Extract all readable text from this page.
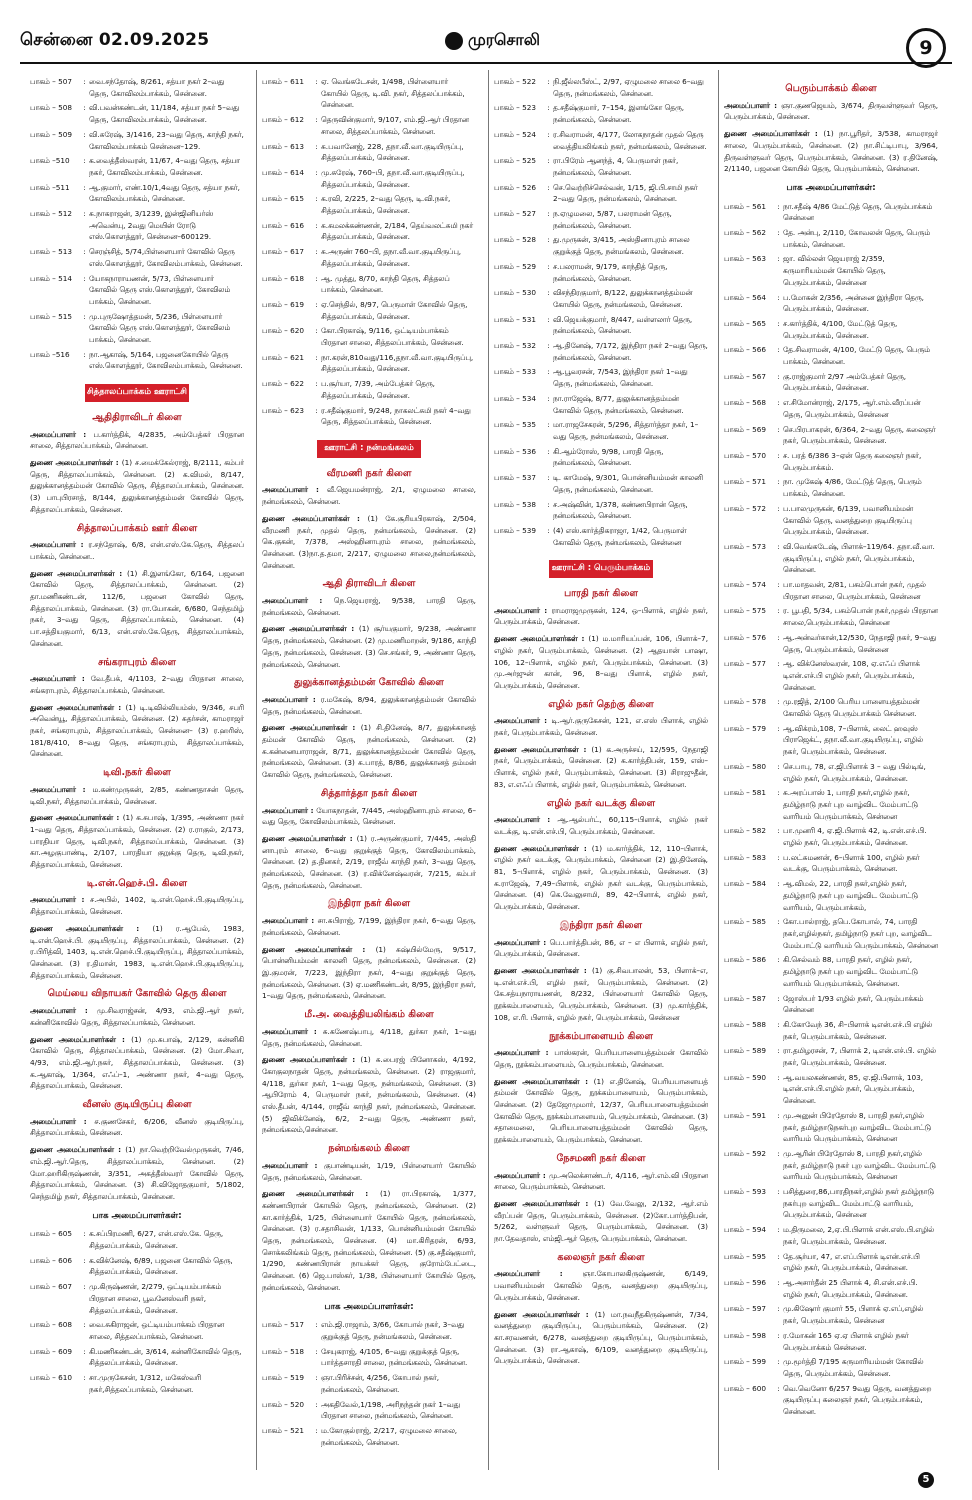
சென்னை 02.09.2025	முரசொலி	9
பாகம் – 507	: வை.சந்தோஷ், 8/261, சத்யா நகர் 2–வது தெரு, கோவிலம்பாக்கம், சென்னை.
பாகம் – 508	: வி.பவன்கண்டன், 11/184, சத்யா நகர் 5–வது தெரு, கோவிலம்பாக்கம், சென்னை.
பாகம் – 509	: வி.சுரேஷ், 3/1416, 23–வது தெரு, காந்தி நகர், கோவிலம்பாக்கம் சென்னை–129.
பாகம் –510	: க.வைத்தீஸ்வரன், 11/67, 4–வது தெரு, சத்யா நகர், கோவிலம்பாக்கம், சென்னை.
பாகம் –511	: ஆ.குமார், எண்.10/1,4வது தெரு, சத்யா நகர், கோவிலம்பாக்கம், சென்னை.
பாகம் – 512	: சு.நாகராஜன், 3/1239, இன்ஜினியர்ஸ் அவென்யு, 2வது மெயின் ரோடு எஸ்.கொளத்தூர், சென்னை–600129.
பாகம் – 513	: செரஞ்சித், 5/74,பிள்ளையார் கோவில் தெரு எஸ்.கொளத்தூர், கோவிலம்பாக்கம், சென்னை.
பாகம் – 514	: யோகநாராயணன், 5/73, பிள்ளையார் கோவில் தெரு எஸ்.கொளத்தூர், கோவிலம் பாக்கம், சென்னை.
பாகம் – 515	: மு.புருஷோத்தமன், 5/236, பிள்ளையார் கோவில் தெரு எஸ்.கொளத்தூர், கோவிலம் பாக்கம், சென்னை.
பாகம் –516	: நா.ஆகாஷ், 5/164, பஜனைகோயில் தெரு எஸ்.கொளத்தூர், கோவிலம்பாக்கம், சென்னை.
சித்தாலப்பாக்கம் ஊராட்சி
ஆதிதிராவிடர் கிளை
அமைப்பாளர் : ப.கார்த்திக், 4/2835, அம்பேத்கர் பிரதான சாலை, சித்தாலப்பாக்கம், சென்னை.
துணை அமைப்பாளர்கள் : (1) ச.மைக்கேல்ராஜ், 8/2111, கம்பர் தெரு, சித்தாலப்பாக்கம், சென்னை. (2) க.விமல், 8/147, துலுக்கானத்தம்மன் கோவில் தெரு, சித்தாலப்பாக்கம், சென்னை. (3) பாபுபிரசாத், 8/144, துலுக்கானத்தம்மன் கோவில் தெரு, சித்தாலப்பாக்கம், சென்னை.
சித்தாலப்பாக்கம் ஊர் கிளை
அமைப்பாளர் : ர.சந்தோஷ், 6/8, என்.எஸ்.கே.தெரு, சித்தலப் பாக்கம், சென்னை..
துணை அமைப்பாளர்கள் : (1) சி.இளங்கோ, 6/164, பஜனை கோவில் தெரு, சித்தாலப்பாக்கம், சென்னை. (2) தா.மணிகண்டன், 112/6, பஜனை கோவில் தெரு, சித்தாலப்பாக்கம், சென்னை. (3) ரா.யோகன், 6/680, செந்தமிழ் நகர், 3–வது தெரு, சித்தாலப்பாக்கம், சென்னை. (4) பா.சத்தியகுமார், 6/13, என்.எஸ்.கே.தெரு, சித்தாலப்பாக்கம், சென்னை.
சங்கராபுரம் கிளை
அமைப்பாளர் : வே.தீபக், 4/1103, 2–வது பிரதான சாலை, சங்கராபுரம், சித்தாலப்பாக்கம், சென்னை.
துணை அமைப்பாளர்கள் : (1) டி.டிவில்லியம்ஸ், 9/346, சபரி அவென்யூ, சித்தாலப்பாக்கம், சென்னை. (2) சுதர்சன், காமராஜர் நகர், சங்கராபுரம், சித்தாலப்பாக்கம், சென்னை– (3) ர.ஹரிஸ், 181/8/410, 8–வது தெரு, சங்கராபுரம், சித்தாலப்பாக்கம், சென்னை.
டிவி.நகர் கிளை
அமைப்பாளர் : ம.கண்முருகன், 2/85, கண்ணதாசன் தெரு, டிவி.நகர், சித்தாலப்பாக்கம், சென்னை.
துணை அமைப்பாளர்கள் : (1) க.சுபாஷ், 1/395, அண்ணா நகர் 1–வது தெரு, சித்தாலப்பாக்கம், சென்னை. (2) ர.ராகுல், 2/173, பாரதியா தெரு, டிவி.நகர், சித்தாலப்பாக்கம், சென்னை. (3) கா.அழகுபாண்டி, 2/107, பாரதியா குறுக்கு தெரு, டிவி.நகர், சித்தாலப்பாக்கம், சென்னை.
டி.என்.ஹெச்.பி. கிளை
அமைப்பாளர் : ச.அபில், 1402, டி.என்.ஹெச்.பி.குடியிருப்பு, சித்தாலப்பாக்கம், சென்னை.
துணை அமைப்பாளர்கள் :	(1) ர.ஆபேல், 1983, டி.என்.ஹெச்.பி. குடியிருப்பு, சித்தாலப்பாக்கம், சென்னை. (2) ர.பிரித்வி, 1403, டி.என்.ஹெச்.பி.குடியிருப்பு, சித்தாலப்பாக்கம், சென்னை. (3) ர.திமான், 1983, டி.என்.ஹெச்.பி.குடியிருப்பு, சித்தாலப்பாக்கம், சென்னை.
மெய்யை விநாயகர் கோவில் தெரு கிளை
அமைப்பாளர் :	மு.சிவராஜ்சன், 4/93, எம்.ஜி.ஆர் நகர், கன்னிகோவில் தெரு, சித்தாலப்பாக்கம், சென்னை.
துணை அமைப்பாளர்கள் : (1) மு.சுபாஷ், 2/129, கன்னிகி கோவில் தெரு, சித்தாலப்பாக்கம், சென்னை. (2) மோ.சிவா, 4/93, எம்.ஜி.ஆர்.நகர், சித்தாலப்பாக்கம், சென்னை. (3) க.ஆகாஷ், 1/364, எஃப்–1, அண்ணா நகர், 4–வது தெரு, சித்தாலப்பாக்கம், சென்னை.
வீனஸ் குடியிருப்பு கிளை
அமைப்பாளர் :	ச.குணசேகர், 6/206, வீனஸ் குடியிருப்பு, சித்தாலப்பாக்கம், சென்னை.
துணை அமைப்பாளர்கள் : (1) நா.வெற்றிவேல்முருகன், 7/46, எம்.ஜி.ஆர்.தெரு, சித்தாலப்பாக்கம், சென்னை. (2) மோ.ஹரிகிருஷ்ணன், 3/351, அகத்தீஸ்வரர் கோவில் தெரு, சித்தாலப்பாக்கம், சென்னை. (3) சி.விஜோதகுமார், 5/1802, செந்தமிழ் நகர், சித்தாலப்பாக்கம், சென்னை.
பாக அமைப்பாளர்கள்:
பாகம் – 605	: க.சப்பிரமணி, 6/27, என்.எஸ்.கே. தெரு, சித்தலப்பாக்கம், சென்னை.
பாகம் – 606	: க.விக்னேஷ், 6/89, பஜனை கோவில் தெரு, சித்தலப்பாக்கம், சென்னை.
பாகம் – 607	: மு.கிருஷ்ணன், 2/279, ஒட்டியம்பாக்கம் பிரதான சாலை, பூவனேஸ்வரி நகர், சித்தலப்பாக்கம், சென்னை.
பாகம் – 608	: வை.சுகிராஜன், ஒட்டியம்பாக்கம் பிரதான சாலை, சித்தலப்பாக்கம், சென்னை.
பாகம் – 609	: கி.மணிகண்டன், 3/614, கன்னிகோவில் தெரு, சித்தலப்பாக்கம், சென்னை.
பாகம் – 610	: சா.முருகேசன், 1/312, மகேஸ்வரி நகர்,சித்தலப்பாக்கம், சென்னை.
பாகம் – 611	: ஏ. வெங்கடேசன், 1/498, பிள்ளையார் கோயில் தெரு, டி.வி. நகர், சித்தலப்பாக்கம், சென்னை.
பாகம் – 612	: தெருவின்குமார், 9/107, எம்.ஜி.ஆர் பிரதான சாலை, சித்தலப்பாக்கம், சென்னை.
பாகம் – 613	: சு.பவானேஜ், 228, தநா.வீ.வா.குடியிருப்பு, சித்தலப்பாக்கம், சென்னை.
பாகம் – 614	: மு.சுரேஷ், 760–பி, தநா.வீ.வா.குடியிருப்பு, சித்தலப்பாக்கம், சென்னை.
பாகம் – 615	: க.ரவி, 2/225, 2–வது தெரு, டி.வி.நகர், சித்தலப்பாக்கம், சென்னை.
பாகம் – 616	: சு.சுமலக்கண்ணன், 2/184, தெய்வலட்சுமி நகர் சித்தலப்பாக்கம், சென்னை.
பாகம் – 617	: சு.அருண் 760–பி, தநா.வீ.வா.குடியிருப்பு, சித்தலப்பாக்கம், சென்னை.
பாகம் – 618	: ஆ. முத்து, 8/70, காந்தி தெரு, சித்தலப் பாக்கம், சென்னை.
பாகம் – 619	: ஏ.செந்தில், 8/97, பெருமாள் கோவில் தெரு, சித்தலப்பாக்கம், சென்னை.
பாகம் – 620	: கோ.பிரகாஷ், 9/116, ஒட்டியம்பாக்கம் பிரதான சாலை, சித்தலப்பாக்கம், சென்னை.
பாகம் – 621	: நா.கரன்,810வது/116,தநா.வீ.வா.குடியிருப்பு, சித்தலப்பாக்கம், சென்னை.
பாகம் – 622	: ப.சூர்யா, 7/39, அம்பேத்கர் தெரு, சித்தலப்பாக்கம், சென்னை.
பாகம் – 623	: ர.சதீஷ்குமார், 9/248, நாகலட்சுமி நகர் 4–வது தெரு, சித்தலப்பாக்கம், சென்னை.
ஊராட்சி : நன்மங்கலம்
வீரமணி நகர் கிளை
அமைப்பாளர் :	வீ.ஜெயமன்ராஜ், 2/1, ஏழுமலை சாலை, நன்மங்கலம், சென்னை.
துணை அமைப்பாளர்கள் : (1) கே.சூரியபிரகாஷ், 2/504, வீரமணி நகர், முதல் தெரு, நன்மங்கலம், சென்னை. (2) கெ.குகன், 7/378, அஸ்ஹினாபுரம் சாலை, நன்மங்கலம், சென்னை. (3)நா.த.தமா, 2/217, ஏழுமலை சாலை,நன்மங்கலம், சென்னை.
ஆதி திராவிடர் கிளை
அமைப்பாளர் :	நெ.ஜெயராஜ், 9/538, பாரதி தெரு, நன்மங்கலம், சென்னை.
துணை அமைப்பாளர்கள் : (1) சூர்யகுமார், 9/238, அண்ணா தெரு, நன்மங்கலம், சென்னை. (2) மு.மணிமாறன், 9/186, காந்தி தெரு, நன்மங்கலம், சென்னை. (3) செ.சங்கர், 9, அண்ணா தெரு, நன்மங்கலம், சென்னை.
துலுக்கானத்தம்மன் கோவில் கிளை
அமைப்பாளர் : ர.மகேஷ், 8/94, துலுக்கானத்தம்மன் கோவில் தெரு, நன்மங்கலம், சென்னை.
துணை அமைப்பாளர்கள் : (1) சி.தினேஷ், 8/7, துலுக்கானத் தம்மன் கோவில் தெரு, நன்மங்கலம், சென்னை. (2) சு.கன்னையாராஜன், 8/71, துலுக்கானத்தம்மன் கோவில் தெரு, நன்மங்கலம், சென்னை. (3) சு.பாரத், 8/86, துலுக்கானத் தம்மன் கோவில் தெரு, நன்மங்கலம், சென்னை.
சித்தார்த்தா நகர் கிளை
அமைப்பாளர் : யோகநாதன், 7/445, அஸ்ஹினாபுரம் சாலை, 6–வது தெரு, கோவிலம்பாக்கம், சென்னை.
துணை அமைப்பாளர்கள் : (1) ர.அருண்குமார், 7/445, அஸ்தி னாபுரம் சாலை, 6–வது குறுக்குத் தெரு, கோவிலம்பாக்கம், சென்னை. (2) த.தினகர், 2/19, ராஜீவ் காந்தி நகர், 3–வது தெரு, நன்மங்கலம், சென்னை. (3) ர.விக்னேஷ்வரன், 7/215, கம்பர் தெரு, நன்மங்கலம், சென்னை.
இந்திரா நகர் கிளை
அமைப்பாளர் : சா.சுபிராஜ், 7/199, இந்திரா நகர், 6–வது தெரு, நன்மங்கலம், சென்னை.
துணை அமைப்பாளர்கள் :	(1) சுஷ்யில்மேரு, 9/517, பொன்னியம்மன் காலனி தெரு, நன்மங்கலம், சென்னை. (2) இ.குமரன், 7/223, இந்திரா நகர், 4–வது குறுக்குத் தெரு, நன்மங்கலம், சென்னை. (3) ஏ.மணிகண்டன், 8/95, இந்திரா நகர், 1–வது தெரு, நன்மங்கலம், சென்னை.
மீ.அ. வைத்தியலிங்கம் கிளை
அமைப்பாளர் : சு.கணேஷ்பாபு, 4/118, துர்கா நகர், 1–வது தெரு, நன்மங்கலம், சென்னை.
துணை அமைப்பாளர்கள் : (1) சு.பைரஜ் பினோகஸ், 4/192, கோகுலநாதன் தெரு, நன்மங்கலம், சென்னை. (2) ராஜகுமார், 4/118, துர்கா நகர், 1–வது தெரு, நன்மங்கலம், சென்னை. (3) ஆபிரோம் 4, பெருமாள் நகர், நன்மங்கலம், சென்னை. (4) எஸ்.தீபன், 4/144, ராஜீவ் காந்தி நகர், நன்மங்கலம், சென்னை. (5) ஜிவிக்னேஷ், 6/2, 2–வது தெரு, அண்ணா நகர், நன்மங்கலம்,சென்னை.
நன்மங்கலம் கிளை
அமைப்பாளர் : குபாண்டியன், 1/19, பிள்ளையார் கோயில் தெரு, நன்மங்கலம், சென்னை.
துணை அமைப்பாளர்கள் :	(1) ரா.பிரகாஷ், 1/377, கண்ணபிரான் கோயில் தெரு, நன்மங்கலம், சென்னை. (2) கா.கார்த்திக், 1/25, பிள்ளையார் கோயில் தெரு, நன்மங்கலம், சென்னை. (3) ர.சதாசிவன், 1/133, பொன்னியம்மன் கோயில் தெரு, நன்மங்கலம், சென்னை. (4) மா.கிரிதரன், 6/93, சொக்கலிங்கம் தெரு, நன்மங்கலம், சென்னை. (5) கு.சதீஷ்குமார், 1/290, கண்ணபிரான் நாயக்கர் தெரு, குரோம்பேட்டை, சென்னை. (6) ஜெ.பாஸ்கர், 1/38, பிள்ளையார் கோயில் தெரு, நன்மங்கலம், சென்னை.
பாக அமைப்பாளர்கள்:
பாகம் – 517	: எம்.ஜி.ராஜாம், 3/66, கோபால் நகர், 3–வது குறுக்குத் தெரு, நன்மங்கலம், சென்னை.
பாகம் – 518	: சேயுகராஜ், 4/105, 6–வது குறுக்குத் தெரு, பார்த்தசாரதி சாலை, நன்மங்கலம், சென்னை.
பாகம் – 519	: ஞா.பிரிச்சன், 4/256, கோபால் நகர், நன்மங்கலம், சென்னை.
பாகம் – 520	: அகதிவேல்,1/198, அரிநந்தன் நகர் 1–வது பிரதான சாலை, நன்மங்கலம், சென்னை.
பாகம் – 521	: ம.கோகுல்ராஜ், 2/217, ஏழுமலை சாலை, நன்மங்கலம், சென்னை.
பாகம் – 522	: நி.ஜீல்லபீஸ்ட், 2/97, ஏழுமலை சாலை 6–வது தெரு, நன்மங்கலம், சென்னை.
பாகம் – 523	: த.சதீஷ்குமார், 7–154, இளங்கோ தெரு, நன்மங்கலம், சென்னை.
பாகம் – 524	: ர.சிவராமன், 4/177, லோகநாதன் முதல் தெரு வைத்தியலிங்கம் நகர், நன்மங்கலம், சென்னை.
பாகம் – 525	: ரா.பிரேம் ஆனந்த், 4, பெருமாள் நகர், நன்மங்கலம், சென்னை.
பாகம் – 526	: செ.வெற்றிச்செல்வன், 1/15, ஜி.பி.சாமி நகர் 2–வது தெரு, நன்மங்கலம், சென்னை.
பாகம் – 527	: ந.ஏழுமலை, 5/87, பலராமன் தெரு, நன்மங்கலம், சென்னை.
பாகம் – 528	: து.முருகன், 3/415, அஸ்தினாபுரம் சாலை குறுக்குத் தெரு, நன்மங்கலம், சென்னை.
பாகம் – 529	: ச.பலராமன், 9/179, காந்தித் தெரு, நன்மங்கலம், சென்னை.
பாகம் – 530	: விசந்திரகுமார், 8/122, துலுக்கானத்தம்மன் கோயில் தெரு, நன்மங்கலம், சென்னை.
பாகம் – 531	: வி.ஜெயக்குமார், 8/447, வள்ளலார் தெரு, நன்மங்கலம், சென்னை.
பாகம் – 532	: ஆ.தினேஷ், 7/172, இந்திரா நகர் 2–வது தெரு, நன்மங்கலம், சென்னை.
பாகம் – 533	: ஆ.பூவரசன், 7/543, இந்திரா நகர் 1–வது தெரு, நன்மங்கலம், சென்னை.
பாகம் – 534	: நா.ராஜேஷ், 8/77, துலுக்கானத்தம்மன் கோவில் தெரு, நன்மங்கலம், சென்னை.
பாகம் – 535	: மா.ராஜசேகரன், 5/296, சித்தார்த்தா நகர், 1–வது தெரு, நன்மங்கலம், சென்னை.
பாகம் – 536	: கி.ஆம்ரோஸ், 9/98, பாரதி தெரு, நன்மங்கலம், சென்னை.
பாகம் – 537	: டி. காமேஷ், 9/301, பொன்னியம்மன் காலனி தெரு, நன்மங்கலம், சென்னை.
பாகம் – 538	: ச.அஷ்வின், 1/378, கண்ணபிரான் தெரு, நன்மங்கலம், சென்னை.
பாகம் – 539	: (4) எஸ்.கார்த்திகராஜா, 1/42, பெருமாள் கோவில் தெரு, நன்மங்கலம், சென்னை
ஊராட்சி : பெரும்பாக்கம்
பாரதி நகர் கிளை
அமைப்பாளர் : ராமராஜமுருகன், 124, ஒ–பிளாக், எழில் நகர், பெரும்பாக்கம், சென்னை.
துணை அமைப்பாளர்கள் : (1) ம.மாரியப்பன், 106, பிளாக்–7, எழில் நகர், பெரும்பாக்கம், சென்னை. (2) ஆதயான் பாஷா, 106, 12–பிளாக், எழில் நகர், பெரும்பாக்கம், சென்னை. (3) மு.அர்ஜுன் கான், 96, 8–வது பிளாக், எழில் நகர், பெரும்பாக்கம், சென்னை.
எழில் நகர் தெற்கு கிளை
அமைப்பாளர் : டி.ஆர்.குருகேசன், 121, எ.எஸ் பிளாக், எழில் நகர், பெரும்பாக்கம், சென்னை.
துணை அமைப்பாளர்கள் : (1) க.அருச்சய், 12/595, நேதாஜி நகர், பெரும்பாக்கம், சென்னை. (2) க.கார்த்திபன், 159, எஸ்–பிளாக், எழில் நகர், பெரும்பாக்கம், சென்னை. (3) சிராஜுதீன், 83, எ.எஃப் பிளாக், எழில் நகர், பெரும்பாக்கம், சென்னை.
எழில் நகர் வடக்கு கிளை
அமைப்பாளர் : ஆ.ஆல்பர்ட், 60,115–பிளாக், எழில் நகர் வடக்கு, டி.என்.எச்.பி, பெரும்பாக்கம், சென்னை.
துணை அமைப்பாளர்கள் : (1) ம.கார்த்திக், 12, 110–பிளாக், எழில் நகர் வடக்கு, பெரும்பாக்கம், சென்னை (2) இ.தினேஷ், 81, 5–பிளாக், எழில் நகர், பெரும்பாக்கம், சென்னை. (3) க.ராஜேஷ், 7,49–பிளாக், எழில் நகர் வடக்கு, பெரும்பாக்கம், சென்னை. (4) கெ.வேலுசாமி, 89, 42–பிளாக், எழில் நகர், பெரும்பாக்கம், சென்னை.
இந்திரா நகர் கிளை
அமைப்பாளர் : பெ.பார்த்திபன், 86, எ – எ பிளாக், எழில் நகர், பெரும்பாக்கம், சென்னை.
துணை அமைப்பாளர்கள் : (1) கு.சிவபாலன், 53, பிளாக்–எ, டி.என்.எச்.பி, எழில் நகர், பெரும்பாக்கம், சென்னை. (2) கே.சத்யநாராயணன், 8/232, பிள்ளையார் கோவில் தெரு, நூக்கம்பாளையம், பெரும்பாக்கம், சென்னை. (3) மு.கார்த்திக், 108, எ.ரி. பிளாக், எழில் நகர், பெரும்பாக்கம், சென்னை
நூக்கம்பாளையம் கிளை
அமைப்பாளர் : பாஸ்கரன், பெரியபாளையத்தம்மன் கோவில் தெரு, நூக்கம்பாளையம், பெரும்பாக்கம், சென்னை.
துணை அமைப்பாளர்கள் : (1) எ.தினேஷ், பெரியபாளையத் தம்மன் கோவில் தெரு, நூக்கம்பாளையம், பெரும்பாக்கம், சென்னை. (2) தேஜோமுமார், 12/37, பெரியபாளையத்தம்மன் கோவில் தெரு, நூக்கம்பாளையம், பெரும்பாக்கம், சென்னை. (3) சதாமைலை, பெரியபாளையத்தம்மன் கோவில் தெரு, நூக்கம்பாளையம், பெரும்பாக்கம், சென்னை.
நேசமணி நகர் கிளை
அமைப்பாளர் : மு.அலெக்சாண்டர், 4/116, ஆர்.எம்.வி பிரதான சாலை, பெரும்பாக்கம், சென்னை.
துணை அமைப்பாளர்கள் : (1) வே.வேலு, 2/132, ஆர்.எம் வீரப்பன் தெரு, பெரும்பாக்கம், சென்னை. (2)கோ.பார்த்திபன், 5/262, வள்ளுவர் தெரு, பெரும்பாக்கம், சென்னை. (3) நா.தேவதாஸ், எம்ஜி.ஆர் தெரு, பெரும்பாக்கம், சென்னை.
கலைஞர் நகர் கிளை
அமைப்பாளர் :	ஞா.கோபாலகிருஷ்ணன், 6/149, பவானியம்மன் கோவில் தெரு, வனத்துறை குடியிருப்பு, பெரும்பாக்கம், சென்னை.
துணை அமைப்பாளர்கள் : (1) மா.நவநீதகிருஷ்ணன், 7/34, வனத்துறை குடியிருப்பு, பெரும்பாக்கம், சென்னை. (2) கா.சரவணன், 6/278, வனத்துறை குடியிருப்பு, பெரும்பாக்கம், சென்னை. (3) ரா.ஆகாஷ், 6/109, வனத்துறை குடியிருப்பு, பெரும்பாக்கம், சென்னை.
பெரும்பாக்கம் கிளை
அமைப்பாளர் : ஞா.குணஜெயம், 3/674, திருவள்ளுவர் தெரு, பெரும்பாக்கம், சென்னை.
துணை அமைப்பாளர்கள் : (1) நா.பூரிதர், 3/538, காமராஜர் சாலை, பெரும்பாக்கம், சென்னை. (2) நா.சிட்டிபாபு, 3/964, திருவள்ளுவர் தெரு, பெரும்பாக்கம், சென்னை. (3) ர.தினேஷ், 2/1140, பஜனை கோயில் தெரு, பெரும்பாக்கம், சென்னை.
பாக அமைப்பாளர்கள்:
பாகம் – 561	: நா.சதீஷ் 4/86 மேட்டுத் தெரு, பெரும்பாக்கம் சென்னை
பாகம் – 562	: தே. அன்பு, 2/110, கோவலன் தெரு, பெரும் பாக்கம், சென்னை.
பாகம் – 563	: ஜா. வில்லன் ஜெயராஜ் 2/359, கருமாரியம்மன் கோயில் தெரு, பெரும்பாக்கம், சென்னை
பாகம் – 564	: ப.மோகன் 2/356, அன்னை இந்திரா தெரு, பெரும்பாக்கம், சென்னை.
பாகம் – 565	: ச.கார்த்திக், 4/100, மேட்டுத் தெரு, பெரும்பாக்கம், சென்னை.
பாகம் – 566	: தே.சிவராமன், 4/100, மேட்டு தெரு, பெரும் பாக்கம், சென்னை.
பாகம் – 567	: கு.ராஜ்குமார் 2/97 அம்பேத்கர் தெரு, பெரும்பாக்கம், சென்னை.
பாகம் – 568	: எ.சிமோன்ராஜ், 2/175, ஆர்.எம்.வீரப்பன் தெரு, பெரும்பாக்கம், சென்னை
பாகம் – 569	: செ.பிரபாகரன், 6/364, 2–வது தெரு, கலைஞர் நகர், பெரும்பாக்கம், சென்னை.
பாகம் – 570	: ச. பரத் 6/386 3–ஏன் தெரு கலைஞர் நகர், பெரும்பாக்கம்.
பாகம் – 571	: நா. முகேஷ் 4/86, மேட்டுத் தெரு, பெரும் பாக்கம், சென்னை.
பாகம் – 572	: ப.பாலமுருகன், 6/139, பவானியம்மன் கோவில் தெரு, வனத்துறை குடியிருப்பு பெரும்பாக்கம், சென்னை.
பாகம் – 573	: வி.வெங்கடேஷ், பிளாக்–119/64. தநா.வீ.வா. குடியிருப்பு, எழில் நகர், பெரும்பாக்கம், சென்னை.
பாகம் – 574	: பா.மாதவன், 2/81, பசும்பொன் நகர், முதல் பிரதான சாலை, பெரும்பாக்கம், சென்னை
பாகம் – 575	: ர. பூபதி, 5/34, பசும்பொன் நகர்,முதல் பிரதான சாலை,பெரும்பாக்கம், சென்னை
பாகம் – 576	: ஆ.அன்வர்கான்,12/530, நேதாஜி நகர், 9–வது தெரு, பெரும்பாக்கம், சென்னை
பாகம் – 577	: ஆ. விக்னேஸ்வரன், 108, ஏ.எஃப் பிளாக் டிஎன்.எச்.பி எழில் நகர், பெரும்பாக்கம், சென்னை.
பாகம் – 578	: மு.ரஜித், 2/100 பெரிய பாளையத்தம்மன் கோவில் தெரு பெரும்பாக்கம் சென்னை.
பாகம் – 579	: ஆ.விக்ரம்,108, 7–பிளாக், லைட் ஹவுஸ் பிராஜெக்ட், தநா.வீ.வா.குடியிருப்பு, எழில் நகர், பெரும்பாக்கம், சென்னை.
பாகம் – 580	: செ.பாபு, 78, எ.ஜி.பிளாக் 3 – வது பில்டிங், எழில் நகர், பெரும்பாக்கம், சென்னை.
பாகம் – 581	: சு.அரப்பாஸ் 1, பாரதி நகர்,எழில் நகர், தமிழ்நாடு நகர் புற வாழ்விட மேம்பாட்டு வாரியம் பெரும்பாக்கம், சென்னை
பாகம் – 582	: பா.முனரி 4, ஏ.ஜி.பிளாக் 42, டி.என்.எச்.பி. எழில் நகர், பெரும்பாக்கம், சென்னை.
பாகம் – 583	: ப.லட்சுமணன், 6–பிளாக் 100, எழில் நகர் வடக்கு, பெரும்பாக்கம், சென்னை.
பாகம் – 584	: ஆ.விமல், 22, பாரதி நகர்,எழில் நகர், தமிழ்நாடு நகர் புற வாழ்விட மேம்பாட்டு வாரியம், பெரும்பாக்கம்,
பாகம் – 585	: கோ.பால்ராஜ், தபெ.கோபால், 74, பாரதி நகர்,எழில்நகர், தமிழ்நாடு நகர் புற, வாழ்விட மேம்பாட்டு வாரியம் பெரும்பாக்கம், சென்னை
பாகம் – 586	: கி.செல்வம் 88, பாரதி நகர், எழில் நகர், தமிழ்நாடு நகர் புற வாழ்விட மேம்பாட்டு வாரியம் பெரும்பாக்கம், சென்னை.
பாகம் – 587	: ஜோஸ்பர் 1/93 எழில் நகர், பெரும்பாக்கம் சென்னை
பாகம் – 588	: கி.கோவேந் 36, சி–பிளாக் டிஎன்.எச்.பி எழில் நகர், பெரும்பாக்கம், சென்னை.
பாகம் – 589	: ரா.தமிழரசன், 7, பிளாக் 2, டிஎன்.எச்.பி. எழில் நகர், பெரும்பாக்கம், சென்னை.
பாகம் – 590	: ஆ.வயலகண்ணன், 85, ஏ.ஜி.பிளாக், 103, டிஎன்.எச்.பி.எழில் நகர், பெரும்பாக்கம், சென்னை.
பாகம் – 591	: மு.அனுன் பிரேதோஸ் 8, பாரதி நகர்,எழில் நகர், தமிழ்நாடுநகர்புற வாழ்விட மேம்பாட்டு வாரியம் பெரும்பாக்கம், சென்னை
பாகம் – 592	: மு.ஆரின் பிரேதோஸ் 8, பாரதி நகர்,எழில் நகர், தமிழ்நாடு நகர் புற வாழ்விட மேம்பாட்டு வாரியம் பெரும்பாக்கம், சென்னை
பாகம் – 593	: பசித்துரை,86,பாரதிநகர்,எழில் நகர் தமிழ்நாடு நகர்புற வாழ்விட மேம்பாட்டு வாரியம், பெரும்பாக்கம், சென்னை
பாகம் – 594	: ம.திருமலை, 2,ஏ.பி.பிளாக் என்.எஸ்.பி.எழில் நகர், பெரும்பாக்கம், சென்னை.
பாகம் – 595	: தே.சூர்யா, 47, எ.எப்.பிளாக் டிஎன்.எச்.பி எழில் நகர், பெரும்பாக்கம், சென்னை.
பாகம் – 596	: ஆ.அசார்தீன் 25 பிளாக் 4, சி.என்.எச்.பி. எழில் நகர், பெரும்பாக்கம், சென்னை.
பாகம் – 597	: மு.கிஷோர் குமார் 55, பிளாக் ஏ.எப்,எழில் நகர், பெரும்பாக்கம், சென்னை
பாகம் – 598	: ர.மோகன் 165 ஏ.ஏ பிளாக் எழில் நகர் பெரும்பாக்கம் சென்னை.
பாகம் – 599	: மு.மூர்த்தி 7/195 கருமாரியம்மன் கோவில் தெரு, பெரும்பாக்கம், சென்னை.
பாகம் – 600	: வெ.வெனோ 6/257 9வது தெரு, வனத்துறை குடியிருப்பு கலைஞர் நகர், பெரும்பாக்கம், சென்னை.
5
